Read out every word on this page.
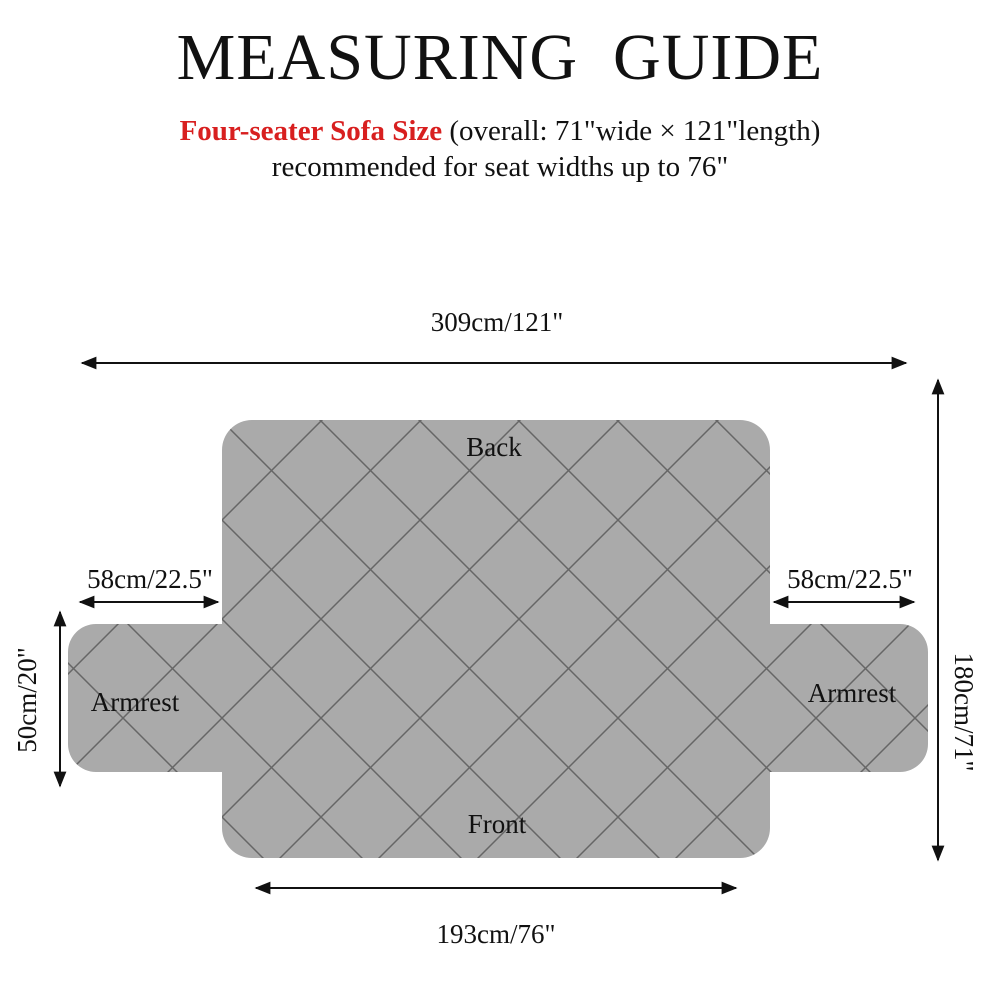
MEASURING  GUIDE
Four-seater Sofa Size (overall: 71"wide × 121"length)
recommended for seat widths up to 76"
309cm/121"
58cm/22.5"	58cm/22.5"
50cm/20"	180cm/71"
193cm/76"
Back
Front
Armrest	Armrest
